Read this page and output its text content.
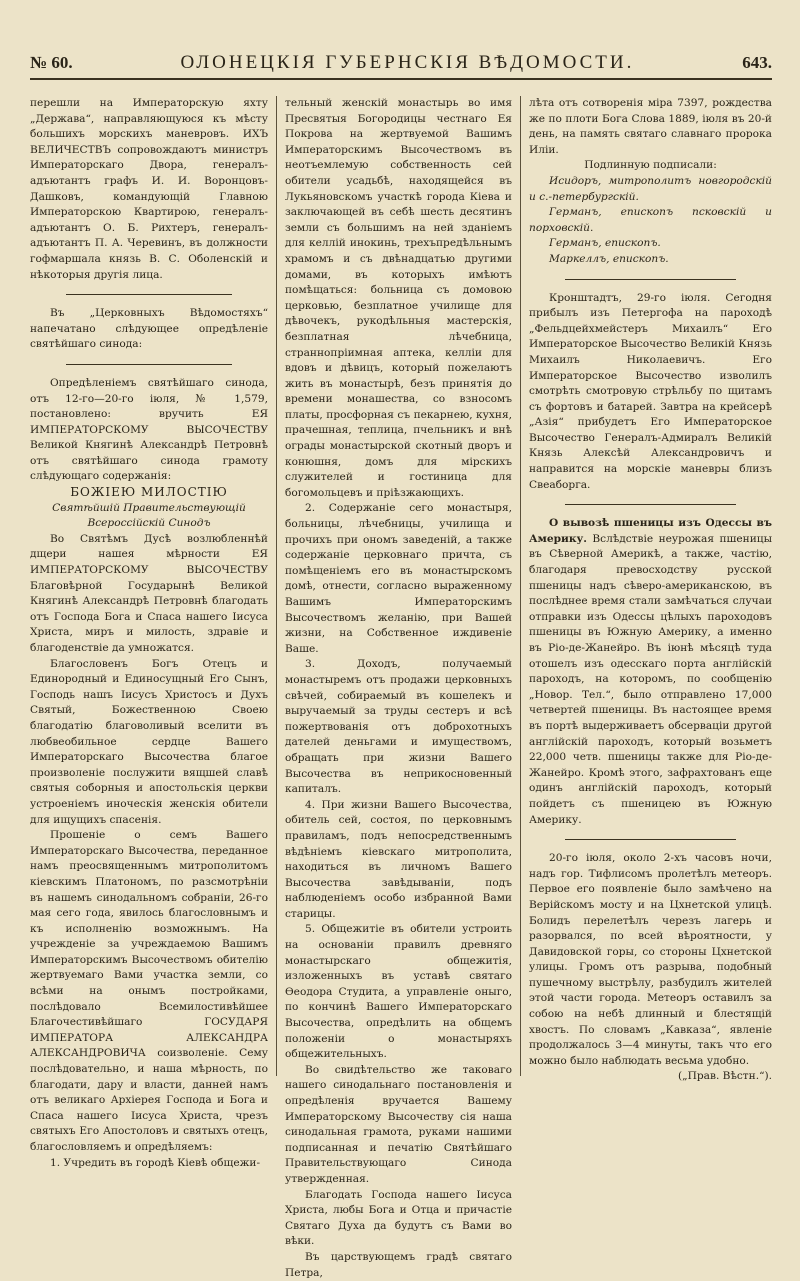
№ 60.	ОЛОНЕЦКІЯ ГУБЕРНСКІЯ ВѢДОМОСТИ.	643.

перешли на Императорскую яхту „Держава“, направляющуюся къ мѣсту большихъ морскихъ маневровъ. ИХЪ ВЕЛИЧЕСТВЪ сопровождаютъ министръ Императорскаго Двора, генералъ-адъютантъ графъ И. И. Воронцовъ-Дашковъ, командующій Главною Императорскою Квартирою, генералъ-адъютантъ О. Б. Рихтеръ, генералъ-адъютантъ П. А. Черевинъ, въ должности гофмаршала князь В. С. Оболенскій и нѣкоторыя другія лица.

Въ „Церковныхъ Вѣдомостяхъ“ напечатано слѣдующее опредѣленіе святѣйшаго синода:

Опредѣленіемъ святѣйшаго синода, отъ 12-го—20-го іюля, № 1,579, постановлено: вручить ЕЯ ИМПЕРАТОРСКОМУ ВЫСОЧЕСТВУ Великой Княгинѣ Александрѣ Петровнѣ отъ святѣйшаго синода грамоту слѣдующаго содержанія:

БОЖІЕЮ МИЛОСТІЮ

Святѣйшій Правительствующій Всероссійскій Синодъ

Во Святѣмъ Дусѣ возлюбленнѣй дщери нашея мѣрности ЕЯ ИМПЕРАТОРСКОМУ ВЫСОЧЕСТВУ Благовѣрной Государынѣ Великой Княгинѣ Александрѣ Петровнѣ благодать отъ Господа Бога и Спаса нашего Іисуса Христа, миръ и милость, здравіе и благоденствіе да умножатся.

Благословенъ Богъ Отецъ и Единородный и Единосущный Его Сынъ, Господь нашъ Іисусъ Христосъ и Духъ Святый, Божественною Своею благодатію благоволивый вселити въ любвеобильное сердце Вашего Императорскаго Высочества благое произволеніе послужити вящшей славѣ святыя соборныя и апостольскія церкви устроеніемъ иноческія женскія обители для ищущихъ спасенія.

Прошеніе о семъ Вашего Императорскаго Высочества, переданное намъ преосвященнымъ митрополитомъ кіевскимъ Платономъ, по разсмотрѣніи въ нашемъ синодальномъ собраніи, 26-го мая сего года, явилось благословнымъ и къ исполненію возможнымъ. На учрежденіе за учреждаемою Вашимъ Императорскимъ Высочествомъ обителію жертвуемаго Вами участка земли, со всѣми на онымъ постройками, послѣдовало Всемилостивѣйшее Благочестивѣйшаго ГОСУДАРЯ ИМПЕРАТОРА АЛЕКСАНДРА АЛЕКСАНДРОВИЧА соизволеніе. Сему послѣдовательно, и нашa мѣрность, по благодати, дару и власти, данней намъ отъ великаго Архіерея Господа и Бога и Спаса нашего Іисуса Христа, чрезъ святыхъ Его Апостоловъ и святыхъ отецъ, благословляемъ и опредѣляемъ:

1. Учредить въ городѣ Кіевѣ общежи-

тельный женскій монастырь во имя Пресвятыя Богородицы честнаго Ея Покрова на жертвуемой Вашимъ Императорскимъ Высочествомъ въ неотъемлемую собственность сей обители усадьбѣ, находящейся въ Лукьяновскомъ участкѣ города Кіева и заключающей въ себѣ шесть десятинъ земли съ большимъ на ней зданіемъ для келлій инокинь, трехъпредѣльнымъ храмомъ и съ двѣнадцатью другими домами, въ которыхъ имѣютъ помѣщаться: больница съ домовою церковью, безплатное училище для дѣвочекъ, рукодѣльныя мастерскія, безплатная лѣчебница, страннопріимная аптека, келліи для вдовъ и дѣвицъ, который пожелаютъ жить въ монастырѣ, безъ принятія до времени монашества, со взносомъ платы, просфорная съ пекарнею, кухня, прачешная, теплица, пчельникъ и внѣ ограды монастырской скотный дворъ и конюшня, домъ для мірскихъ служителей и гостиница для богомольцевъ и пріѣзжающихъ.

2. Содержаніе сего монастыря, больницы, лѣчебницы, училища и прочихъ при ономъ заведеній, а также содержаніе церковнаго причта, съ помѣщеніемъ его въ монастырскомъ домѣ, отнести, согласно выраженному Вашимъ Императорскимъ Высочествомъ желанію, при Вашей жизни, на Собственное иждивеніе Ваше.

3. Доходъ, получаемый монастыремъ отъ продажи церковныхъ свѣчей, собираемый въ кошелекъ и выручаемый за труды сестеръ и всѣ пожертвованія отъ доброхотныхъ дателей деньгами и имуществомъ, обращать при жизни Вашего Высочества въ неприкосновенный капиталъ.

4. При жизни Вашего Высочества, обитель сей, состоя, по церковнымъ правиламъ, подъ непосредственнымъ вѣдѣніемъ кіевскаго митрополита, находиться въ личномъ Вашего Высочества завѣдываніи, подъ наблюденіемъ особо избранной Вами старицы.

5. Общежитіе въ обители устроить на основаніи правилъ древняго монастырскаго общежитія, изложенныхъ въ уставѣ святаго Ѳеодора Студита, а управленіе оныго, по кончинѣ Вашего Императорскаго Высочества, опредѣлить на общемъ положеніи о монастыряхъ общежительныхъ.

Во свидѣтельство же таковаго нашего синодальнаго постановленія и опредѣленія вручается Вашему Императорскому Высочеству сія наша синодальная грамота, руками нашими подписанная и печатію Святѣйшаго Правительствующаго Синода утвержденная.

Благодать Господа нашего Іисуса Христа, любы Бога и Отца и причастіе Святаго Духа да будутъ съ Вами во вѣки.

Въ царствующемъ градѣ святаго Петра,

лѣта отъ сотворенія міра 7397, рождества же по плоти Бога Слова 1889, іюля въ 20-й день, на память святаго славнаго пророка Иліи.

Подлинную подписали:

Исидоръ, митрополитъ новгородскій и с.-петербургскій.

Германъ, епископъ псковскій и порховскій.

Германъ, епископъ.

Маркеллъ, епископъ.

Кронштадтъ, 29-го іюля. Сегодня прибылъ изъ Петергофа на пароходѣ „Фельдцейхмейстеръ Михаилъ“ Его Императорское Высочество Великій Князь Михаилъ Николаевичъ. Его Императорское Высочество изволилъ смотрѣть смотровую стрѣльбу по щитамъ съ фортовъ и батарей. Завтра на крейсерѣ „Азія“ прибудетъ Его Императорское Высочество Генералъ-Адмиралъ Великій Князь Алексѣй Александровичъ и направится на морскіе маневры близъ Свеаборга.

О вывозѣ пшеницы изъ Одессы въ Америку. Вслѣдствіе неурожая пшеницы въ Сѣверной Америкѣ, а также, частію, благодаря превосходству русской пшеницы надъ сѣверо-американскою, въ послѣднее время стали замѣчаться случаи отправки изъ Одессы цѣлыхъ пароходовъ пшеницы въ Южную Америку, а именно въ Ріо-де-Жанейро. Въ іюнѣ мѣсяцѣ туда отошелъ изъ одесскаго порта англійскій пароходъ, на которомъ, по сообщенію „Новор. Тел.“, было отправлено 17,000 четвертей пшеницы. Въ настоящее время въ портѣ выдерживаетъ обсерваціи другой англійскій пароходъ, который возьметъ 22,000 четв. пшеницы также для Ріо-де-Жанейро. Кромѣ этого, зафрахтованъ еще одинъ англійскій пароходъ, который пойдетъ съ пшеницею въ Южную Америку.

20-го іюля, около 2-хъ часовъ ночи, надъ гор. Тифлисомъ пролетѣлъ метеоръ. Первое его появленіе было замѣчено на Верійскомъ мосту и на Цхнетской улицѣ. Болидъ перелетѣлъ черезъ лагерь и разорвался, по всей вѣроятности, у Давидовской горы, со стороны Цхнетской улицы. Громъ отъ разрыва, подобный пушечному выстрѣлу, разбудилъ жителей этой части города. Метеоръ оставилъ за собою на небѣ длинный и блестящій хвостъ. По словамъ „Кавказа“, явленіе продолжалось 3—4 минуты, такъ что его можно было наблюдать весьма удобно.

(„Прав. Вѣстн.“).
